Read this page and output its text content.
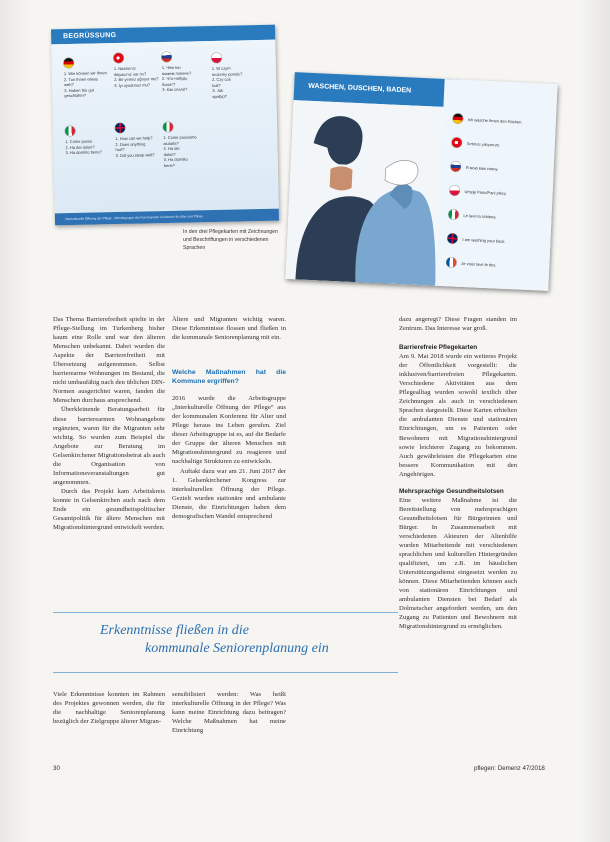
BEGRÜSSUNG
1. Wie können wir Ihnen
2. Tun Ihnen etwas
weh?
3. Haben Sie gut
geschlafen?
1. Nasılsınız
ihtiyacınız var mı?
2. Bir yeriniz ağrıyor mu?
3. İyi uyudunuz mu?
1. Чем мы
можем помочь?
2. Что-нибудь
болит?
3. Как спали?
1. W czym
możemy pomóc?
2. Czy coś
boli?
3. Jak
spał(a)?
1. Come posso
2. Ha dei dolori?
3. Ha dormito bene?
1. How can we help?
2. Does anything
hurt?
3. Did you sleep well?
1. Come possiamo
aiutarla?
2. Ha dei
dolori?
3. Ha dormito
bene?
Interkulturelle Öffnung der Pflege · Arbeitsgruppe der Kommunalen Konferenz für Alter und Pflege
WASCHEN, DUSCHEN, BADEN
Ich wasche Ihnen den Rücken.
Sırtınızı yıkıyorum.
Я мою вам спину.
Umyję Panu/Pani plecy.
Le lavo la schiena.
I am washing your back.
Je vous lave le dos.
In den drei Pflegekarten mit Zeichnungen und Beschriftungen in verschiedenen Sprachen

Das Thema Barrierefreiheit spielte in der Pflege-Stellung im Turkenberg bisher kaum eine Rolle und war den älteren Menschen unbekannt. Dabei wurden die Aspekte der Barrierefreiheit mit Übersetzung aufgenommen. Selbst barrierearme Wohnungen im Bestand, die nicht umbaufähig nach den üblichen DIN-Normen ausgerichtet waren, fanden die Menschen durchaus ansprechend.

Überkleinende Beratungsarbeit für diese barrierearmen Wohnangebote ergänzten, waren für die Migranten sehr wichtig. So wurden zum Beispiel die Angebote zur Beratung im Gelsenkirchener Migrationsbeirat als auch die Organisation von Informationsveranstaltungen gut angenommen.

Durch das Projekt kam Arbeitskreis konnte in Gelsenkirchen auch nach dem Ende ein gesundheitspolitischer Gesamtpolitik für ältere Menschen mit Migrationshintergrund entwickelt werden.

Ältere und Migranten wichtig waren. Diese Erkenntnisse flossen und fließen in die kommunale Seniorenplanung mit ein.

Welche Maßnahmen hat die Kommune ergriffen?

2016 wurde die Arbeitsgruppe „Interkulturelle Öffnung der Pflege“ aus der kommunalen Konferenz für Alter und Pflege heraus ins Leben gerufen. Ziel dieser Arbeitsgruppe ist es, auf die Bedarfe der Gruppe der älteren Menschen mit Migrationshintergrund zu reagieren und nachhaltige Strukturen zu entwickeln.

Auftakt dazu war am 21. Juni 2017 der 1. Gelsenkirchener Kongress zur interkulturellen Öffnung der Pflege. Gezielt wurden stationäre und ambulante Dienste, die Einrichtungen haben dem demografischen Wandel entsprechend

dazu angeregt? Diese Fragen standen im Zentrum. Das Interesse war groß.

Barrierefreie Pflegekarten

Am 9. Mai 2018 wurde ein weiteres Projekt der Öffentlichkeit vorgestellt: die inklusiven/barrierefreien Pflegekarten. Verschiedene Aktivitäten aus dem Pflegealltag wurden sowohl textlich über Zeichnungen als auch in verschiedenen Sprachen dargestellt. Diese Karten erhielten die ambulanten Dienste und stationären Einrichtungen, um es Patienten oder Bewohnern mit Migrationshintergrund sowie leichterer Zugang zu bekommen. Auch gewährleisten die Pflegekarten eine bessere Kommunikation mit den Angehörigen.

Mehrsprachige Gesundheitslotsen

Eine weitere Maßnahme ist die Bereitstellung von mehrsprachigen Gesundheitslotsen für Bürgerinnen und Bürger. In Zusammenarbeit mit verschiedenen Akteuren der Altenhilfe wurden Mitarbeitende mit verschiedenen sprachlichen und kulturellen Hintergründen qualifiziert, um z.B. im häuslichen Unterstützungsdienst eingesetzt werden zu können. Diese Mitarbeitenden können auch von stationären Einrichtungen und ambulanten Diensten bei Bedarf als Dolmetscher angefordert werden, um den Zugang zu Patienten und Bewohnern mit Migrationshintergrund zu ermöglichen.

Erkenntnisse fließen in die
kommunale Seniorenplanung ein

Viele Erkenntnisse konnten im Rahmen des Projektes gewonnen werden, die für die nachhaltige Seniorenplanung bezüglich der Zielgruppe älterer Migran-

sensibilisiert werden: Was heißt interkulturelle Öffnung in der Pflege? Was kann meine Einrichtung dazu beitragen? Welche Maßnahmen hat meine Einrichtung

30	pflegen: Demenz 47/2018
